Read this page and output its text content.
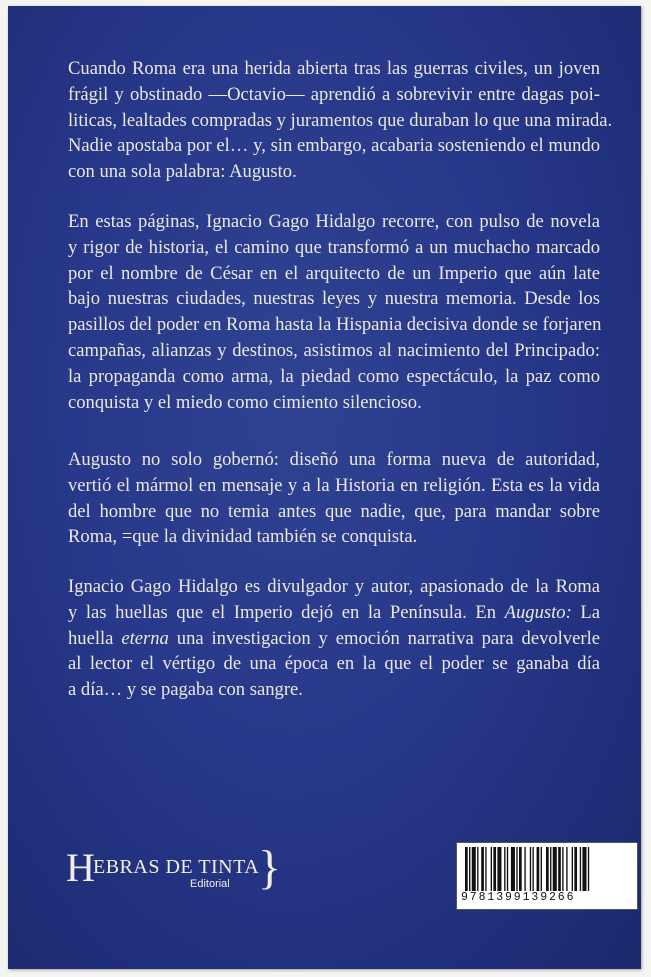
Cuando Roma era una herida abierta tras las guerras civiles, un joven
frágil y obstinado —Octavio— aprendió a sobrevivir entre dagas poi-
liticas, lealtades compradas y juramentos que duraban lo que una mirada.
Nadie apostaba por el… y, sin embargo, acabaria sosteniendo el mundo
con una sola palabra: Augusto.

En estas páginas, Ignacio Gago Hidalgo recorre, con pulso de novela
y rigor de historia, el camino que transformó a un muchacho marcado
por el nombre de César en el arquitecto de un Imperio que aún late
bajo nuestras ciudades, nuestras leyes y nuestra memoria. Desde los
pasillos del poder en Roma hasta la Hispania decisiva donde se forjaren
campañas, alianzas y destinos, asistimos al nacimiento del Principado:
la propaganda como arma, la piedad como espectáculo, la paz como
conquista y el miedo como cimiento silencioso.

Augusto no solo gobernó: diseñó una forma nueva de autoridad,
vertió el mármol en mensaje y a la Historia en religión. Esta es la vida
del hombre que no temia antes que nadie, que, para mandar sobre
Roma, =que la divinidad también se conquista.

Ignacio Gago Hidalgo es divulgador y autor, apasionado de la Roma
y las huellas que el Imperio dejó en la Península. En Augusto: La
huella eterna una investigacion y emoción narrativa para devolverle
al lector el vértigo de una época en la que el poder se ganaba día
a día… y se pagaba con sangre.

H
EBRAS DE TINTA
Editorial }
9781399139266
